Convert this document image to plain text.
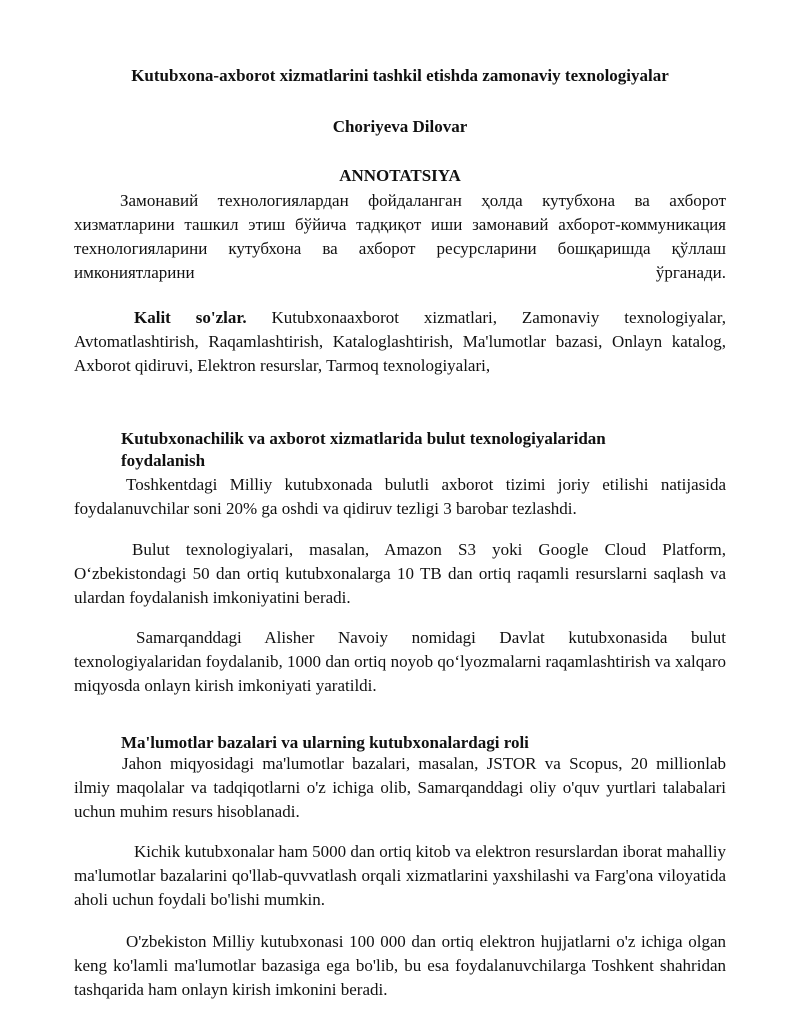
Kutubxona-axborot xizmatlarini tashkil etishda zamonaviy texnologiyalar
Choriyeva Dilovar
ANNOTATSIYA

Замонавий технологиялардан фойдаланган ҳолда кутубхона ва ахборот хизматларини ташкил этиш бўйича тадқиқот иши замонавий ахборот-коммуникация технологияларини кутубхона ва ахборот ресурсларини бошқаришда қўллаш имкониятларини ўрганади.

Kalit so'zlar. Kutubxonaaxborot xizmatlari, Zamonaviy texnologiyalar, Avtomatlashtirish, Raqamlashtirish, Kataloglashtirish, Ma'lumotlar bazasi, Onlayn katalog, Axborot qidiruvi, Elektron resurslar, Tarmoq texnologiyalari,

Kutubxonachilik va axborot xizmatlarida bulut texnologiyalaridan foydalanish

Toshkentdagi Milliy kutubxonada bulutli axborot tizimi joriy etilishi natijasida foydalanuvchilar soni 20% ga oshdi va qidiruv tezligi 3 barobar tezlashdi.

Bulut texnologiyalari, masalan, Amazon S3 yoki Google Cloud Platform, O‘zbekistondagi 50 dan ortiq kutubxonalarga 10 TB dan ortiq raqamli resurslarni saqlash va ulardan foydalanish imkoniyatini beradi.

Samarqanddagi Alisher Navoiy nomidagi Davlat kutubxonasida bulut texnologiyalaridan foydalanib, 1000 dan ortiq noyob qo‘lyozmalarni raqamlashtirish va xalqaro miqyosda onlayn kirish imkoniyati yaratildi.

Ma'lumotlar bazalari va ularning kutubxonalardagi roli

Jahon miqyosidagi ma'lumotlar bazalari, masalan, JSTOR va Scopus, 20 millionlab ilmiy maqolalar va tadqiqotlarni o'z ichiga olib, Samarqanddagi oliy o'quv yurtlari talabalari uchun muhim resurs hisoblanadi.

Kichik kutubxonalar ham 5000 dan ortiq kitob va elektron resurslardan iborat mahalliy ma'lumotlar bazalarini qo'llab-quvvatlash orqali xizmatlarini yaxshilashi va Farg'ona viloyatida aholi uchun foydali bo'lishi mumkin.

O'zbekiston Milliy kutubxonasi 100 000 dan ortiq elektron hujjatlarni o'z ichiga olgan keng ko'lamli ma'lumotlar bazasiga ega bo'lib, bu esa foydalanuvchilarga Toshkent shahridan tashqarida ham onlayn kirish imkonini beradi.
